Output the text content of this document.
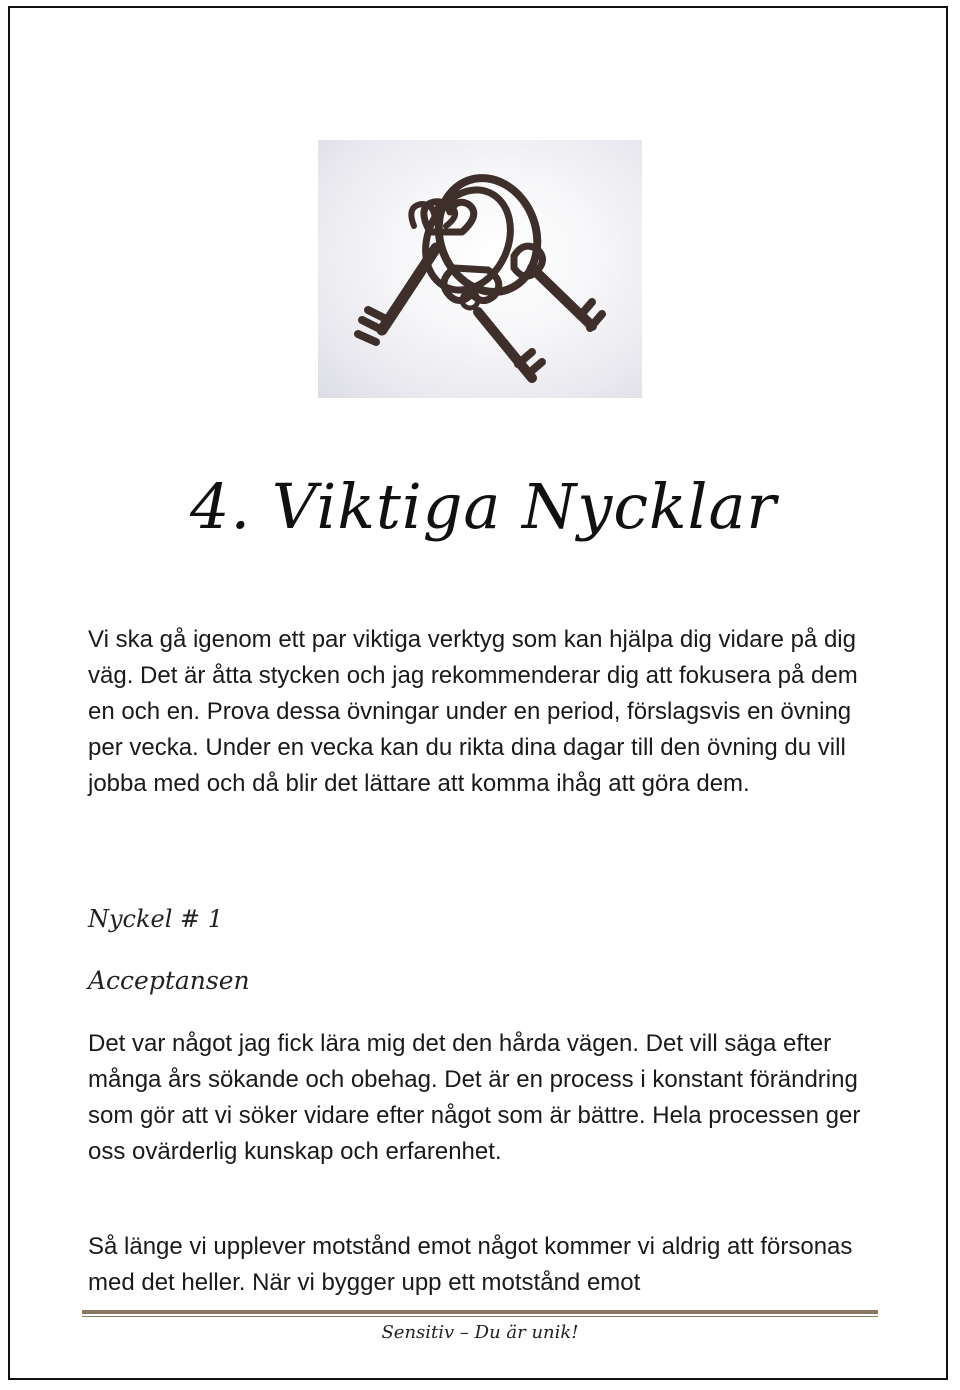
4. Viktiga Nycklar

Vi ska gå igenom ett par viktiga verktyg som kan hjälpa dig vidare på dig väg. Det är åtta stycken och jag rekommenderar dig att fokusera på dem en och en. Prova dessa övningar under en period, förslagsvis en övning per vecka. Under en vecka kan du rikta dina dagar till den övning du vill jobba med och då blir det lättare att komma ihåg att göra dem.

Nyckel # 1
Acceptansen

Det var något jag fick lära mig det den hårda vägen. Det vill säga efter många års sökande och obehag. Det är en process i konstant förändring som gör att vi söker vidare efter något som är bättre. Hela processen ger oss ovärderlig kunskap och erfarenhet.

Så länge vi upplever motstånd emot något kommer vi aldrig att försonas med det heller. När vi bygger upp ett motstånd emot

Sensitiv – Du är unik!
